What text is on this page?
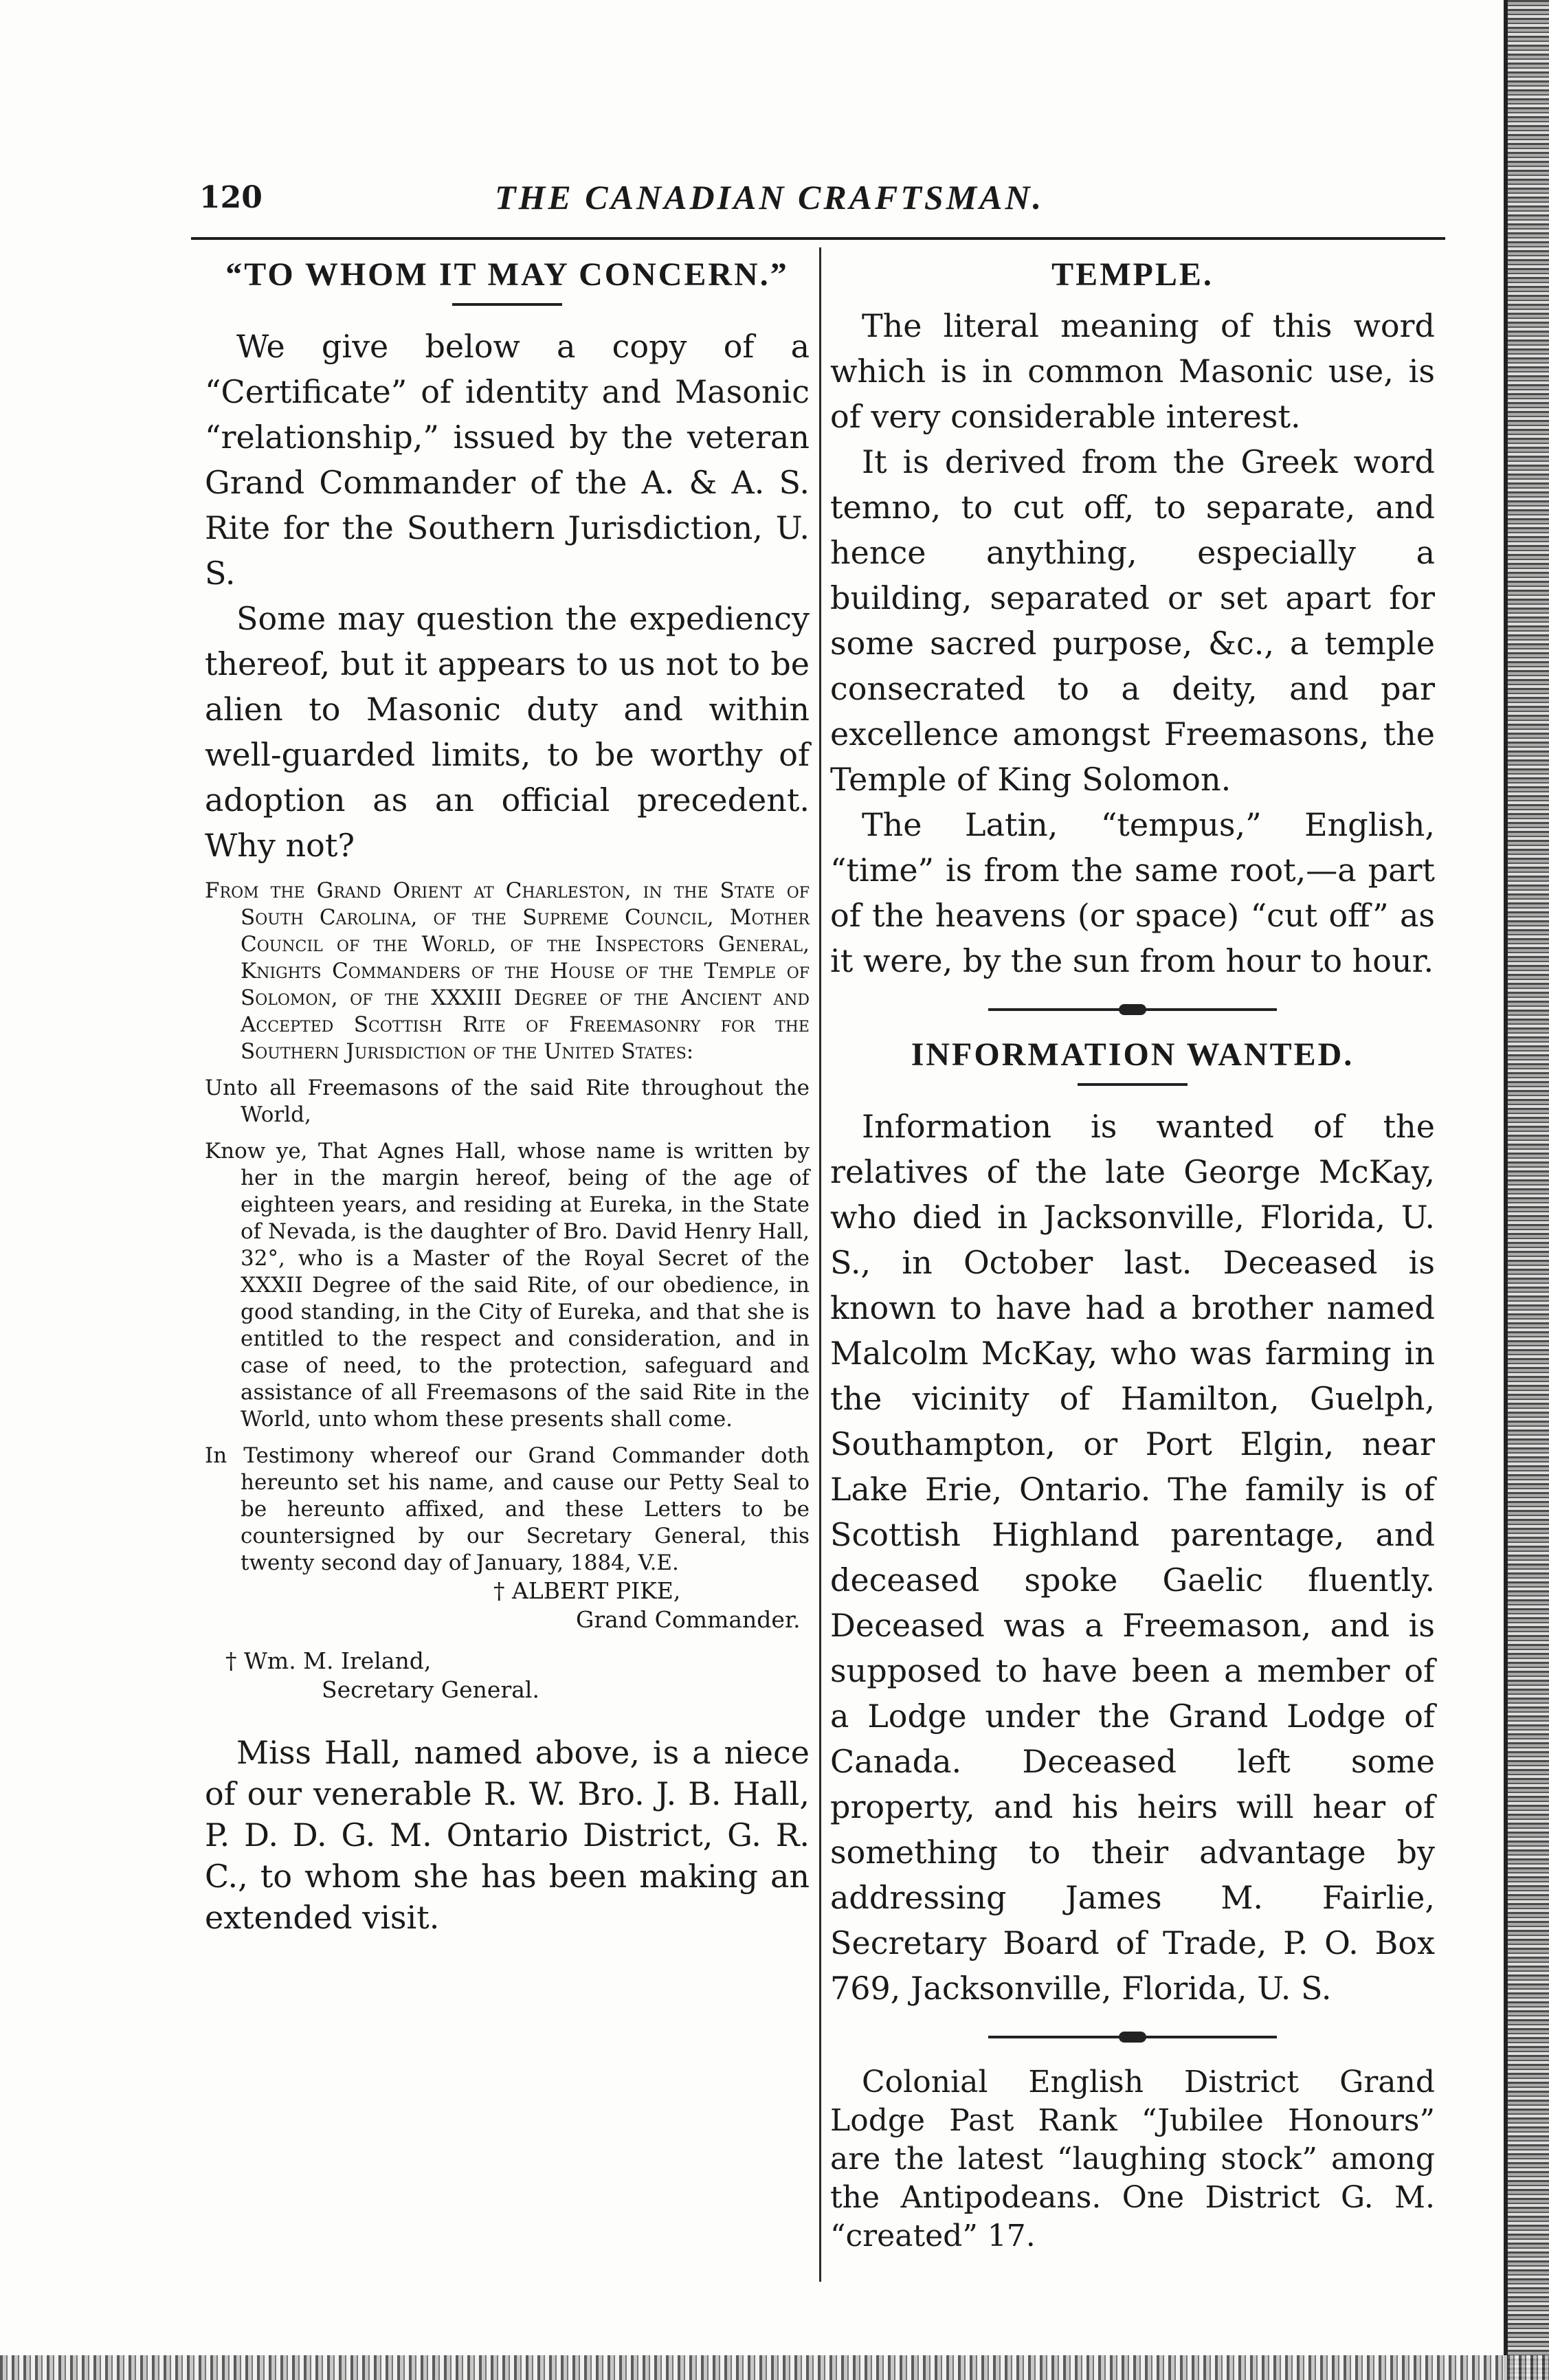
120	THE CANADIAN CRAFTSMAN.
“TO WHOM IT MAY CONCERN.”

We give below a copy of a “Certificate” of identity and Masonic “relationship,” issued by the veteran Grand Commander of the A. & A. S. Rite for the Southern Jurisdiction, U. S.

Some may question the expediency thereof, but it appears to us not to be alien to Masonic duty and within well-guarded limits, to be worthy of adoption as an official precedent. Why not?

From the Grand Orient at Charleston, in the State of South Carolina, of the Supreme Council, Mother Council of the World, of the Inspectors General, Knights Commanders of the House of the Temple of Solomon, of the XXXIII Degree of the Ancient and Accepted Scottish Rite of Freemasonry for the Southern Jurisdiction of the United States:

Unto all Freemasons of the said Rite throughout the World,

Know ye, That Agnes Hall, whose name is written by her in the margin hereof, being of the age of eighteen years, and residing at Eureka, in the State of Nevada, is the daughter of Bro. David Henry Hall, 32°, who is a Master of the Royal Secret of the XXXII Degree of the said Rite, of our obedience, in good standing, in the City of Eureka, and that she is entitled to the respect and consideration, and in case of need, to the protection, safeguard and assistance of all Freemasons of the said Rite in the World, unto whom these presents shall come.

In Testimony whereof our Grand Commander doth hereunto set his name, and cause our Petty Seal to be hereunto affixed, and these Letters to be countersigned by our Secretary General, this twenty second day of January, 1884, V.E.

† ALBERT PIKE,

Grand Commander.

† Wm. M. Ireland,

Secretary General.

Miss Hall, named above, is a niece of our venerable R. W. Bro. J. B. Hall, P. D. D. G. M. Ontario District, G. R. C., to whom she has been making an extended visit.

TEMPLE.

The literal meaning of this word which is in common Masonic use, is of very considerable interest.

It is derived from the Greek word temno, to cut off, to separate, and hence anything, especially a building, separated or set apart for some sacred purpose, &c., a temple consecrated to a deity, and par excellence amongst Freemasons, the Temple of King Solomon.

The Latin, “tempus,” English, “time” is from the same root,—a part of the heavens (or space) “cut off” as it were, by the sun from hour to hour.

INFORMATION WANTED.

Information is wanted of the relatives of the late George McKay, who died in Jacksonville, Florida, U. S., in October last. Deceased is known to have had a brother named Malcolm McKay, who was farming in the vicinity of Hamilton, Guelph, Southampton, or Port Elgin, near Lake Erie, Ontario. The family is of Scottish Highland parentage, and deceased spoke Gaelic fluently. Deceased was a Freemason, and is supposed to have been a member of a Lodge under the Grand Lodge of Canada. Deceased left some property, and his heirs will hear of something to their advantage by addressing James M. Fairlie, Secretary Board of Trade, P. O. Box 769, Jacksonville, Florida, U. S.

Colonial English District Grand Lodge Past Rank “Jubilee Honours” are the latest “laughing stock” among the Antipodeans. One District G. M. “created” 17.
